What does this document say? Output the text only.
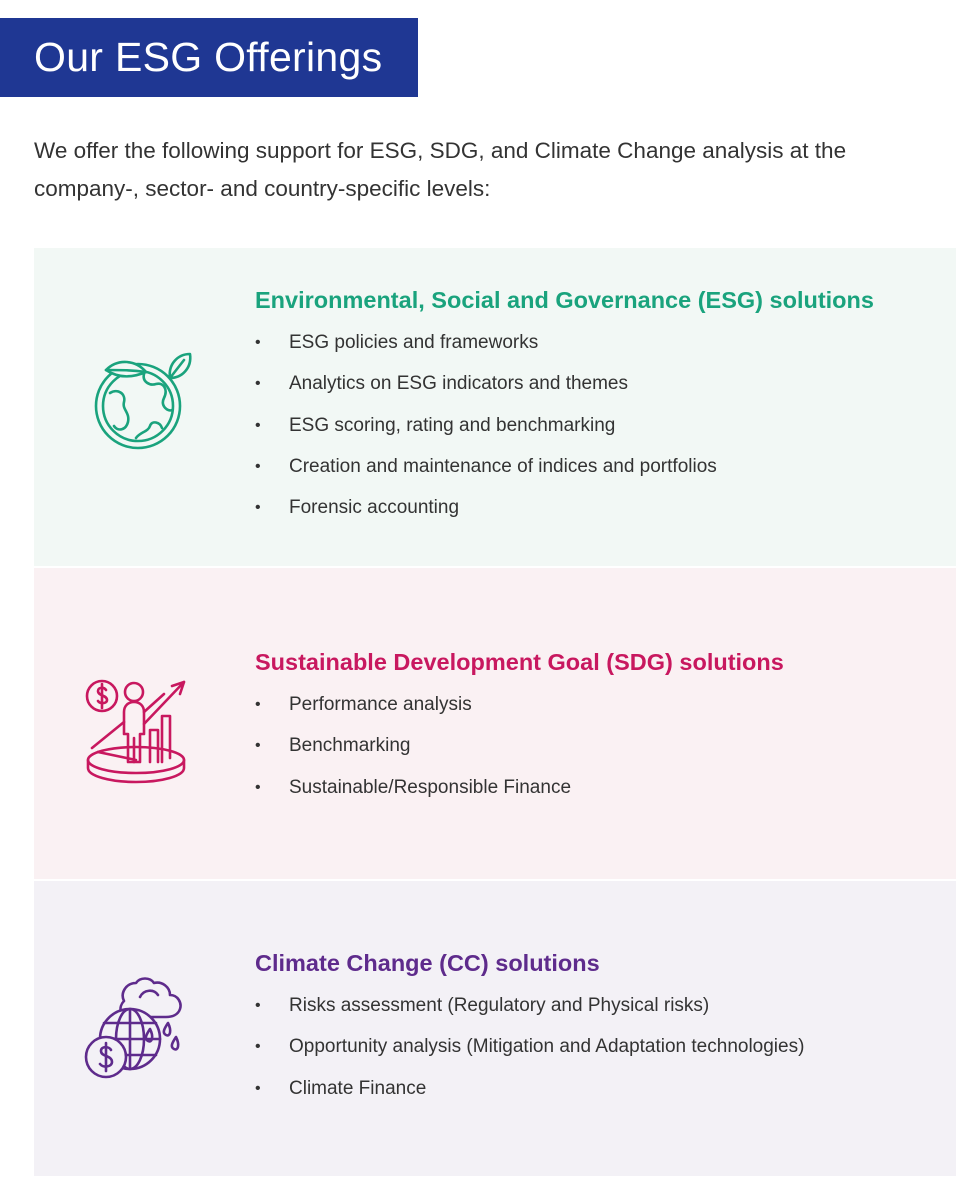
Our ESG Offerings

We offer the following support for ESG, SDG, and Climate Change analysis at the company-, sector- and country-specific levels:

Environmental, Social and Governance (ESG) solutions
• ESG policies and frameworks
• Analytics on ESG indicators and themes
• ESG scoring, rating and benchmarking
• Creation and maintenance of indices and portfolios
• Forensic accounting
Sustainable Development Goal (SDG) solutions
• Performance analysis
• Benchmarking
• Sustainable/Responsible Finance
Climate Change (CC) solutions
• Risks assessment (Regulatory and Physical risks)
• Opportunity analysis (Mitigation and Adaptation technologies)
• Climate Finance
